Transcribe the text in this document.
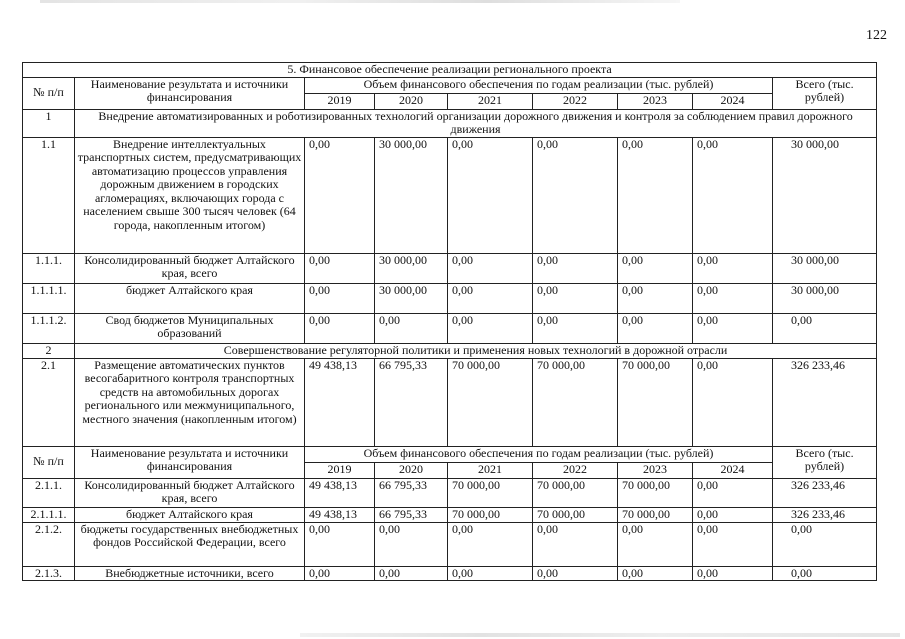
122
5. Финансовое обеспечение реализации регионального проекта								
№ п/п	Наименование результата и источники финансирования	Объем финансового обеспечения по годам реализации (тыс. рублей)						Всего (тыс. рублей)
		2019	2020	2021	2022	2023	2024	
1	Внедрение автоматизированных и роботизированных технологий организации дорожного движения и контроля за соблюдением правил дорожного движения							
1.1	Внедрение интеллектуальных транспортных систем, предусматривающих автоматизацию процессов управления дорожным движением в городских агломерациях, включающих города с населением свыше 300 тысяч человек (64 города, накопленным итогом)	0,00	30 000,00	0,00	0,00	0,00	0,00	30 000,00
1.1.1.	Консолидированный бюджет Алтайского края, всего	0,00	30 000,00	0,00	0,00	0,00	0,00	30 000,00
1.1.1.1.	бюджет Алтайского края	0,00	30 000,00	0,00	0,00	0,00	0,00	30 000,00
1.1.1.2.	Свод бюджетов Муниципальных образований	0,00	0,00	0,00	0,00	0,00	0,00	0,00
2	Совершенствование регуляторной политики и применения новых технологий в дорожной отрасли							
2.1	Размещение автоматических пунктов весогабаритного контроля транспортных средств на автомобильных дорогах регионального или межмуниципального, местного значения (накопленным итогом)	49 438,13	66 795,33	70 000,00	70 000,00	70 000,00	0,00	326 233,46
№ п/п	Наименование результата и источники финансирования	Объем финансового обеспечения по годам реализации (тыс. рублей)						Всего (тыс. рублей)
		2019	2020	2021	2022	2023	2024	
2.1.1.	Консолидированный бюджет Алтайского края, всего	49 438,13	66 795,33	70 000,00	70 000,00	70 000,00	0,00	326 233,46
2.1.1.1.	бюджет Алтайского края	49 438,13	66 795,33	70 000,00	70 000,00	70 000,00	0,00	326 233,46
2.1.2.	бюджеты государственных внебюджетных фондов Российской Федерации, всего	0,00	0,00	0,00	0,00	0,00	0,00	0,00
2.1.3.	Внебюджетные источники, всего	0,00	0,00	0,00	0,00	0,00	0,00	0,00
